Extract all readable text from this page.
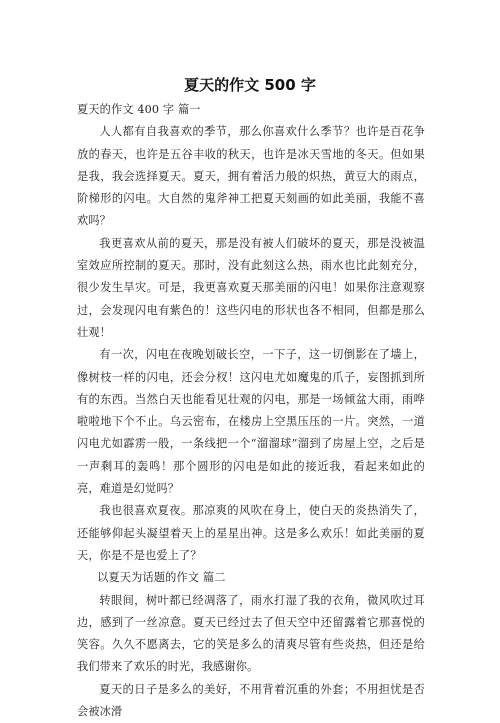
夏天的作文 500 字

夏天的作文 400 字 篇一

人人都有自我喜欢的季节，那么你喜欢什么季节？也许是百花争放的春天，也许是五谷丰收的秋天，也许是冰天雪地的冬天。但如果是我，我会选择夏天。夏天，拥有着活力般的炽热，黄豆大的雨点，阶梯形的闪电。大自然的鬼斧神工把夏天刻画的如此美丽，我能不喜欢吗？

我更喜欢从前的夏天，那是没有被人们破坏的夏天，那是没被温室效应所控制的夏天。那时，没有此刻这么热，雨水也比此刻充分，很少发生旱灾。可是，我更喜欢夏天那美丽的闪电！如果你注意观察过，会发现闪电有紫色的！这些闪电的形状也各不相同，但都是那么壮观！

有一次，闪电在夜晚划破长空，一下子，这一切倒影在了墙上，像树枝一样的闪电，还会分杈！这闪电尤如魔鬼的爪子，妄图抓到所有的东西。当然白天也能看见壮观的闪电，那是一场倾盆大雨，雨哗啦啦地下个不止。乌云密布，在楼房上空黑压压的一片。突然，一道闪电尤如霹雳一般，一条线把一个“溜溜球”溜到了房屋上空，之后是一声剩耳的轰鸣！那个圆形的闪电是如此的接近我，看起来如此的亮，难道是幻觉吗？

我也很喜欢夏夜。那凉爽的风吹在身上，使白天的炎热消失了，还能够仰起头凝望着天上的星星出神。这是多么欢乐！如此美丽的夏天，你是不是也爱上了？

以夏天为话题的作文 篇二

转眼间，树叶都已经凋落了，雨水打湿了我的衣角，微风吹过耳边，感到了一丝凉意。夏天已经过去了但天空中还留露着它那喜悦的笑容。久久不愿离去，它的笑是多么的清爽尽管有些炎热，但还是给我们带来了欢乐的时光，我感谢你。

夏天的日子是多么的美好，不用背着沉重的外套；不用担忧是否会被冰滑
